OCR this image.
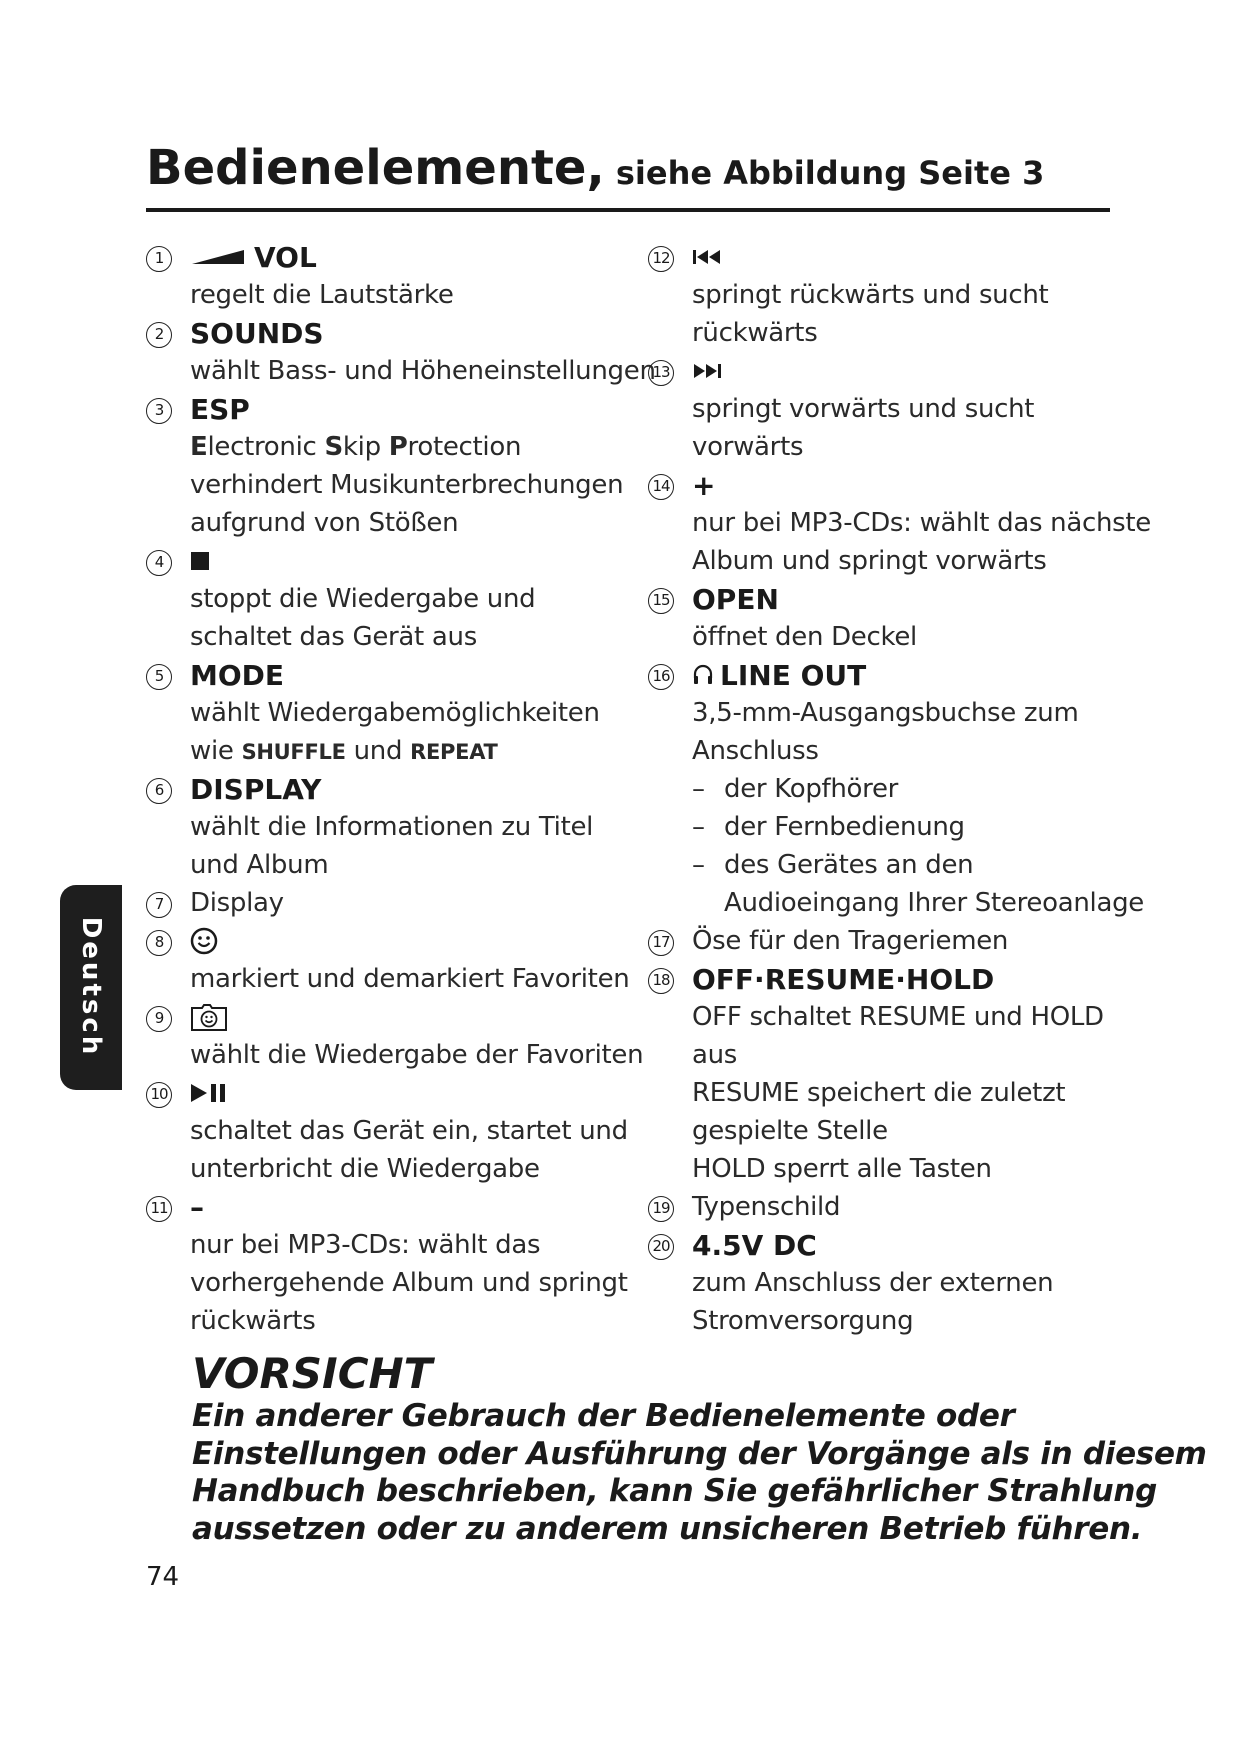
Bedienelemente, siehe Abbildung Seite 3
1	VOL
regelt die Lautstärke
2 SOUNDS
wählt Bass- und Höheneinstellungen
3 ESP
Electronic Skip Protection
verhindert Musikunterbrechungen
aufgrund von Stößen
4
stoppt die Wiedergabe und
schaltet das Gerät aus
5 MODE
wählt Wiedergabemöglichkeiten
wie SHUFFLE und REPEAT
6 DISPLAY
wählt die Informationen zu Titel
und Album
7	Display
8
markiert und demarkiert Favoriten
9
wählt die Wiedergabe der Favoriten
10
schaltet das Gerät ein, startet und
unterbricht die Wiedergabe
11 –
nur bei MP3-CDs: wählt das
vorhergehende Album und springt
rückwärts
12
springt rückwärts und sucht
rückwärts
13
springt vorwärts und sucht
vorwärts
14 +
nur bei MP3-CDs: wählt das nächste
Album und springt vorwärts
15 OPEN
öffnet den Deckel
16 LINE OUT
3,5-mm-Ausgangsbuchse zum
Anschluss
– der Kopfhörer
– der Fernbedienung
– des Gerätes an den
Audioeingang Ihrer Stereoanlage
17 Öse für den Trageriemen
18 OFF·RESUME·HOLD
OFF schaltet RESUME und HOLD
aus
RESUME speichert die zuletzt
gespielte Stelle
HOLD sperrt alle Tasten
19 Typenschild
20 4.5V DC
zum Anschluss der externen
Stromversorgung
Deutsch
VORSICHT
Ein anderer Gebrauch der Bedienelemente oder
Einstellungen oder Ausführung der Vorgänge als in diesem
Handbuch beschrieben, kann Sie gefährlicher Strahlung
aussetzen oder zu anderem unsicheren Betrieb führen.
74
